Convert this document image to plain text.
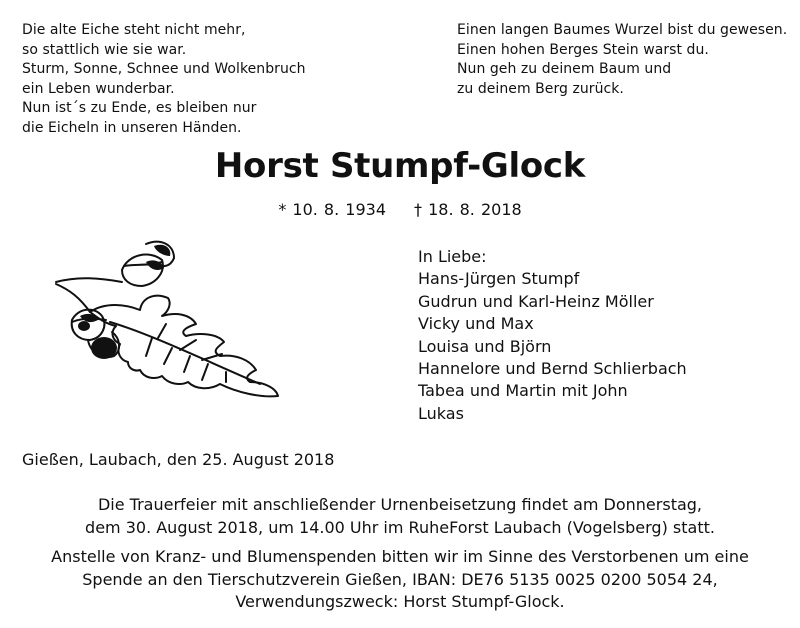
Die alte Eiche steht nicht mehr,
so stattlich wie sie war.
Sturm, Sonne, Schnee und Wolkenbruch
ein Leben wunderbar.
Nun ist´s zu Ende, es bleiben nur
die Eicheln in unseren Händen.
Einen langen Baumes Wurzel bist du gewesen.
Einen hohen Berges Stein warst du.
Nun geh zu deinem Baum und
zu deinem Berg zurück.
Horst Stumpf-Glock
* 10. 8. 1934 † 18. 8. 2018
In Liebe:
Hans-Jürgen Stumpf
Gudrun und Karl-Heinz Möller
Vicky und Max
Louisa und Björn
Hannelore und Bernd Schlierbach
Tabea und Martin mit John
Lukas
Gießen, Laubach, den 25. August 2018
Die Trauerfeier mit anschließender Urnenbeisetzung findet am Donnerstag,
dem 30. August 2018, um 14.00 Uhr im RuheForst Laubach (Vogelsberg) statt.
Anstelle von Kranz- und Blumenspenden bitten wir im Sinne des Verstorbenen um eine
Spende an den Tierschutzverein Gießen, IBAN: DE76 5135 0025 0200 5054 24,
Verwendungszweck: Horst Stumpf-Glock.
